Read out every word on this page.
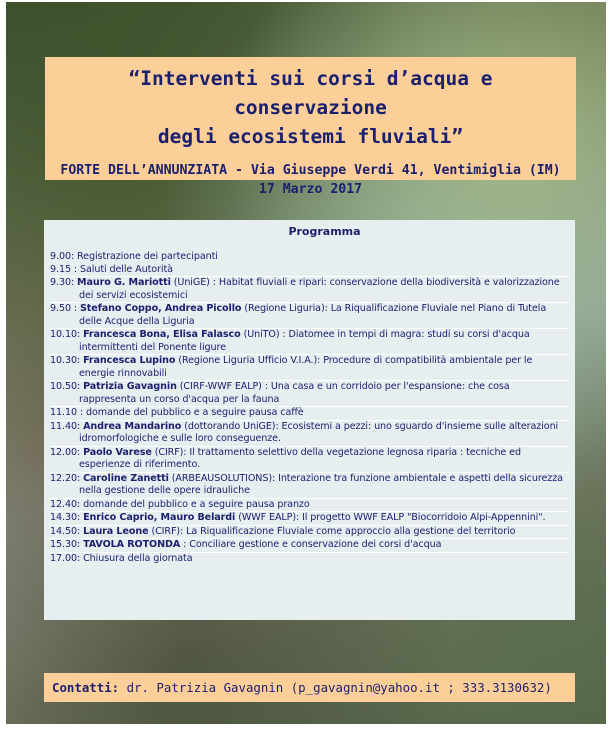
“Interventi sui corsi d’acqua e conservazione
degli ecosistemi fluviali”
FORTE DELL’ANNUNZIATA - Via Giuseppe Verdi 41, Ventimiglia (IM)
17 Marzo 2017
Programma
9.00: Registrazione dei partecipanti
9.15 : Saluti delle Autorità
9.30: Mauro G. Mariotti (UniGE) : Habitat fluviali e ripari: conservazione della biodiversità e valorizzazione dei servizi ecosistemici
9.50 : Stefano Coppo, Andrea Picollo (Regione Liguria): La Riqualificazione Fluviale nel Piano di Tutela delle Acque della Liguria
10.10: Francesca Bona, Elisa Falasco (UniTO) : Diatomee in tempi di magra: studi su corsi d'acqua intermittenti del Ponente ligure
10.30: Francesca Lupino (Regione Liguria Ufficio V.I.A.): Procedure di compatibilità ambientale per le energie rinnovabili
10.50: Patrizia Gavagnin (CIRF-WWF EALP) : Una casa e un corridoio per l'espansione: che cosa rappresenta un corso d'acqua per la fauna
11.10 : domande del pubblico e a seguire pausa caffè
11.40: Andrea Mandarino (dottorando UniGE): Ecosistemi a pezzi: uno sguardo d'insieme sulle alterazioni idromorfologiche e sulle loro conseguenze.
12.00: Paolo Varese (CIRF): Il trattamento selettivo della vegetazione legnosa riparia : tecniche ed esperienze di riferimento.
12.20: Caroline Zanetti (ARBEAUSOLUTIONS): Interazione tra funzione ambientale e aspetti della sicurezza nella gestione delle opere idrauliche
12.40: domande del pubblico e a seguire pausa pranzo
14.30: Enrico Caprio, Mauro Belardi (WWF EALP): Il progetto WWF EALP "Biocorridoio Alpi-Appennini".
14.50: Laura Leone (CIRF): La Riqualificazione Fluviale come approccio alla gestione del territorio
15.30: TAVOLA ROTONDA : Conciliare gestione e conservazione dei corsi d'acqua
17.00: Chiusura della giornata
Contatti: dr. Patrizia Gavagnin (p_gavagnin@yahoo.it ; 333.3130632)
